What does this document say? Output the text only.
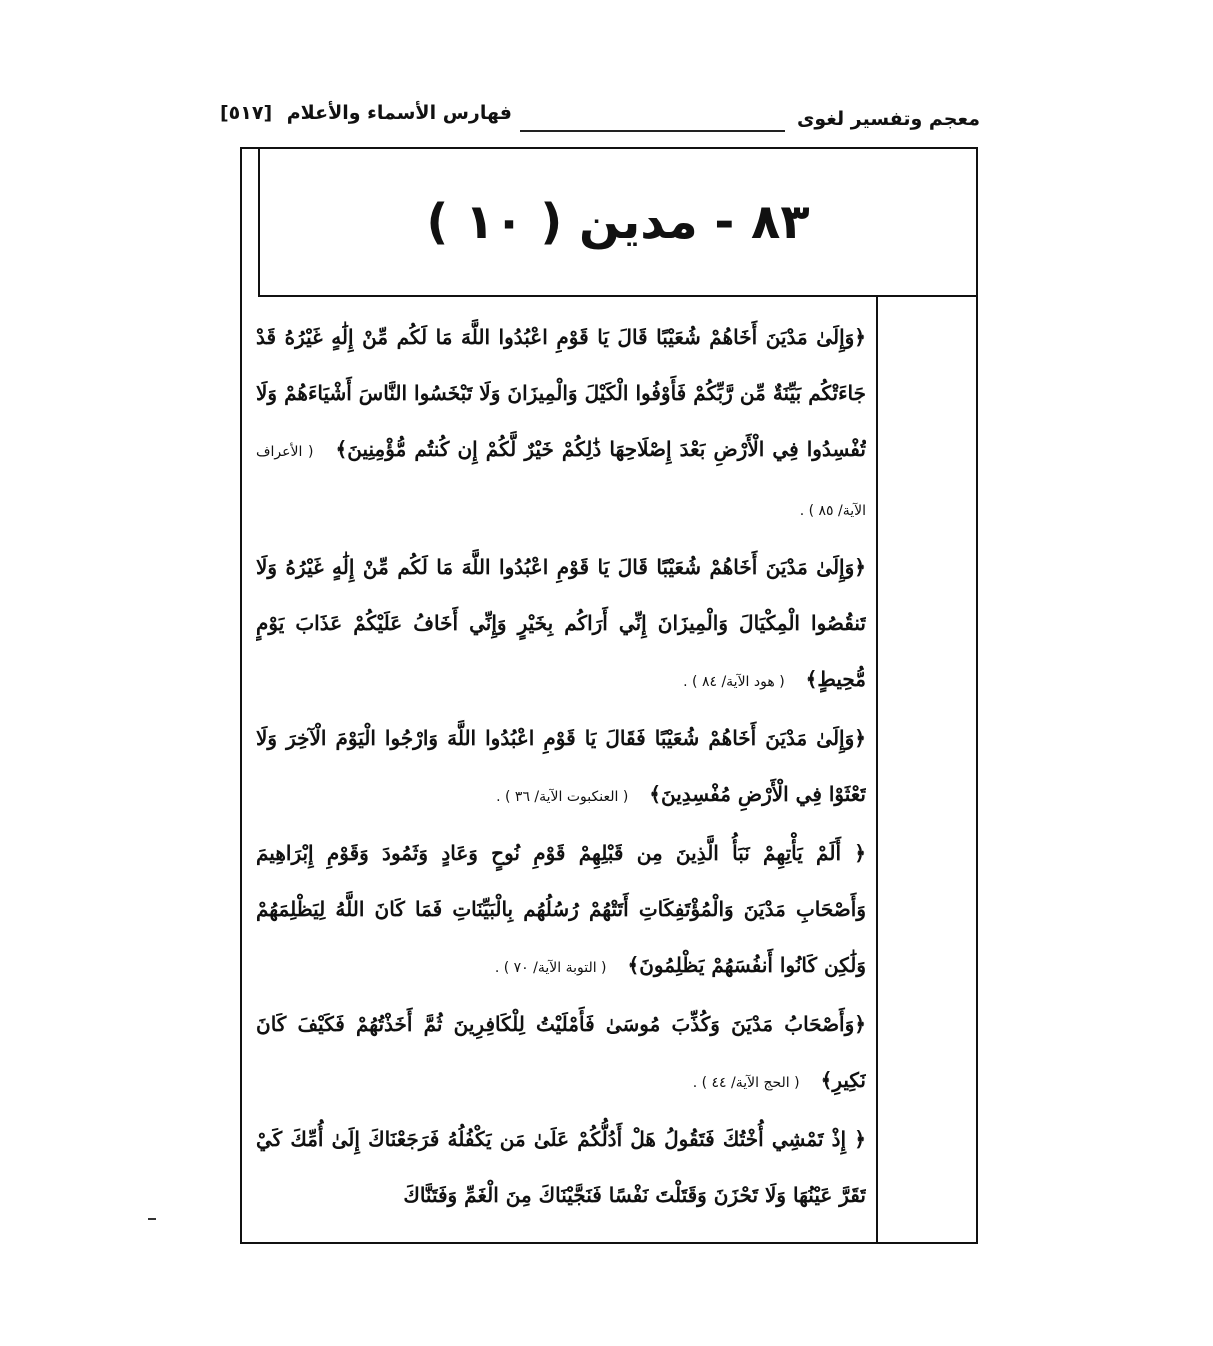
معجم وتفسير لغوى
فهارس الأسماء والأعلام [٥١٧]
٨٣ - مدين ( ١٠ )

﴿وَإِلَىٰ مَدْيَنَ أَخَاهُمْ شُعَيْبًا قَالَ يَا قَوْمِ اعْبُدُوا اللَّهَ مَا لَكُم مِّنْ إِلَٰهٍ غَيْرُهُ قَدْ جَاءَتْكُم بَيِّنَةٌ مِّن رَّبِّكُمْ فَأَوْفُوا الْكَيْلَ وَالْمِيزَانَ وَلَا تَبْخَسُوا النَّاسَ أَشْيَاءَهُمْ وَلَا تُفْسِدُوا فِي الْأَرْضِ بَعْدَ إِصْلَاحِهَا ذَٰلِكُمْ خَيْرٌ لَّكُمْ إِن كُنتُم مُّؤْمِنِينَ﴾ ( الأعراف الآية/ ٨٥ ) .

﴿وَإِلَىٰ مَدْيَنَ أَخَاهُمْ شُعَيْبًا قَالَ يَا قَوْمِ اعْبُدُوا اللَّهَ مَا لَكُم مِّنْ إِلَٰهٍ غَيْرُهُ وَلَا تَنقُصُوا الْمِكْيَالَ وَالْمِيزَانَ إِنِّي أَرَاكُم بِخَيْرٍ وَإِنِّي أَخَافُ عَلَيْكُمْ عَذَابَ يَوْمٍ مُّحِيطٍ﴾ ( هود الآية/ ٨٤ ) .

﴿وَإِلَىٰ مَدْيَنَ أَخَاهُمْ شُعَيْبًا فَقَالَ يَا قَوْمِ اعْبُدُوا اللَّهَ وَارْجُوا الْيَوْمَ الْآخِرَ وَلَا تَعْثَوْا فِي الْأَرْضِ مُفْسِدِينَ﴾ ( العنكبوت الآية/ ٣٦ ) .

﴿ أَلَمْ يَأْتِهِمْ نَبَأُ الَّذِينَ مِن قَبْلِهِمْ قَوْمِ نُوحٍ وَعَادٍ وَثَمُودَ وَقَوْمِ إِبْرَاهِيمَ وَأَصْحَابِ مَدْيَنَ وَالْمُؤْتَفِكَاتِ أَتَتْهُمْ رُسُلُهُم بِالْبَيِّنَاتِ فَمَا كَانَ اللَّهُ لِيَظْلِمَهُمْ وَلَٰكِن كَانُوا أَنفُسَهُمْ يَظْلِمُونَ﴾ ( التوبة الآية/ ٧٠ ) .

﴿وَأَصْحَابُ مَدْيَنَ وَكُذِّبَ مُوسَىٰ فَأَمْلَيْتُ لِلْكَافِرِينَ ثُمَّ أَخَذْتُهُمْ فَكَيْفَ كَانَ نَكِيرِ﴾ ( الحج الآية/ ٤٤ ) .

﴿ إِذْ تَمْشِي أُخْتُكَ فَتَقُولُ هَلْ أَدُلُّكُمْ عَلَىٰ مَن يَكْفُلُهُ فَرَجَعْنَاكَ إِلَىٰ أُمِّكَ كَيْ تَقَرَّ عَيْنُهَا وَلَا تَحْزَنَ وَقَتَلْتَ نَفْسًا فَنَجَّيْنَاكَ مِنَ الْغَمِّ وَفَتَنَّاكَ
